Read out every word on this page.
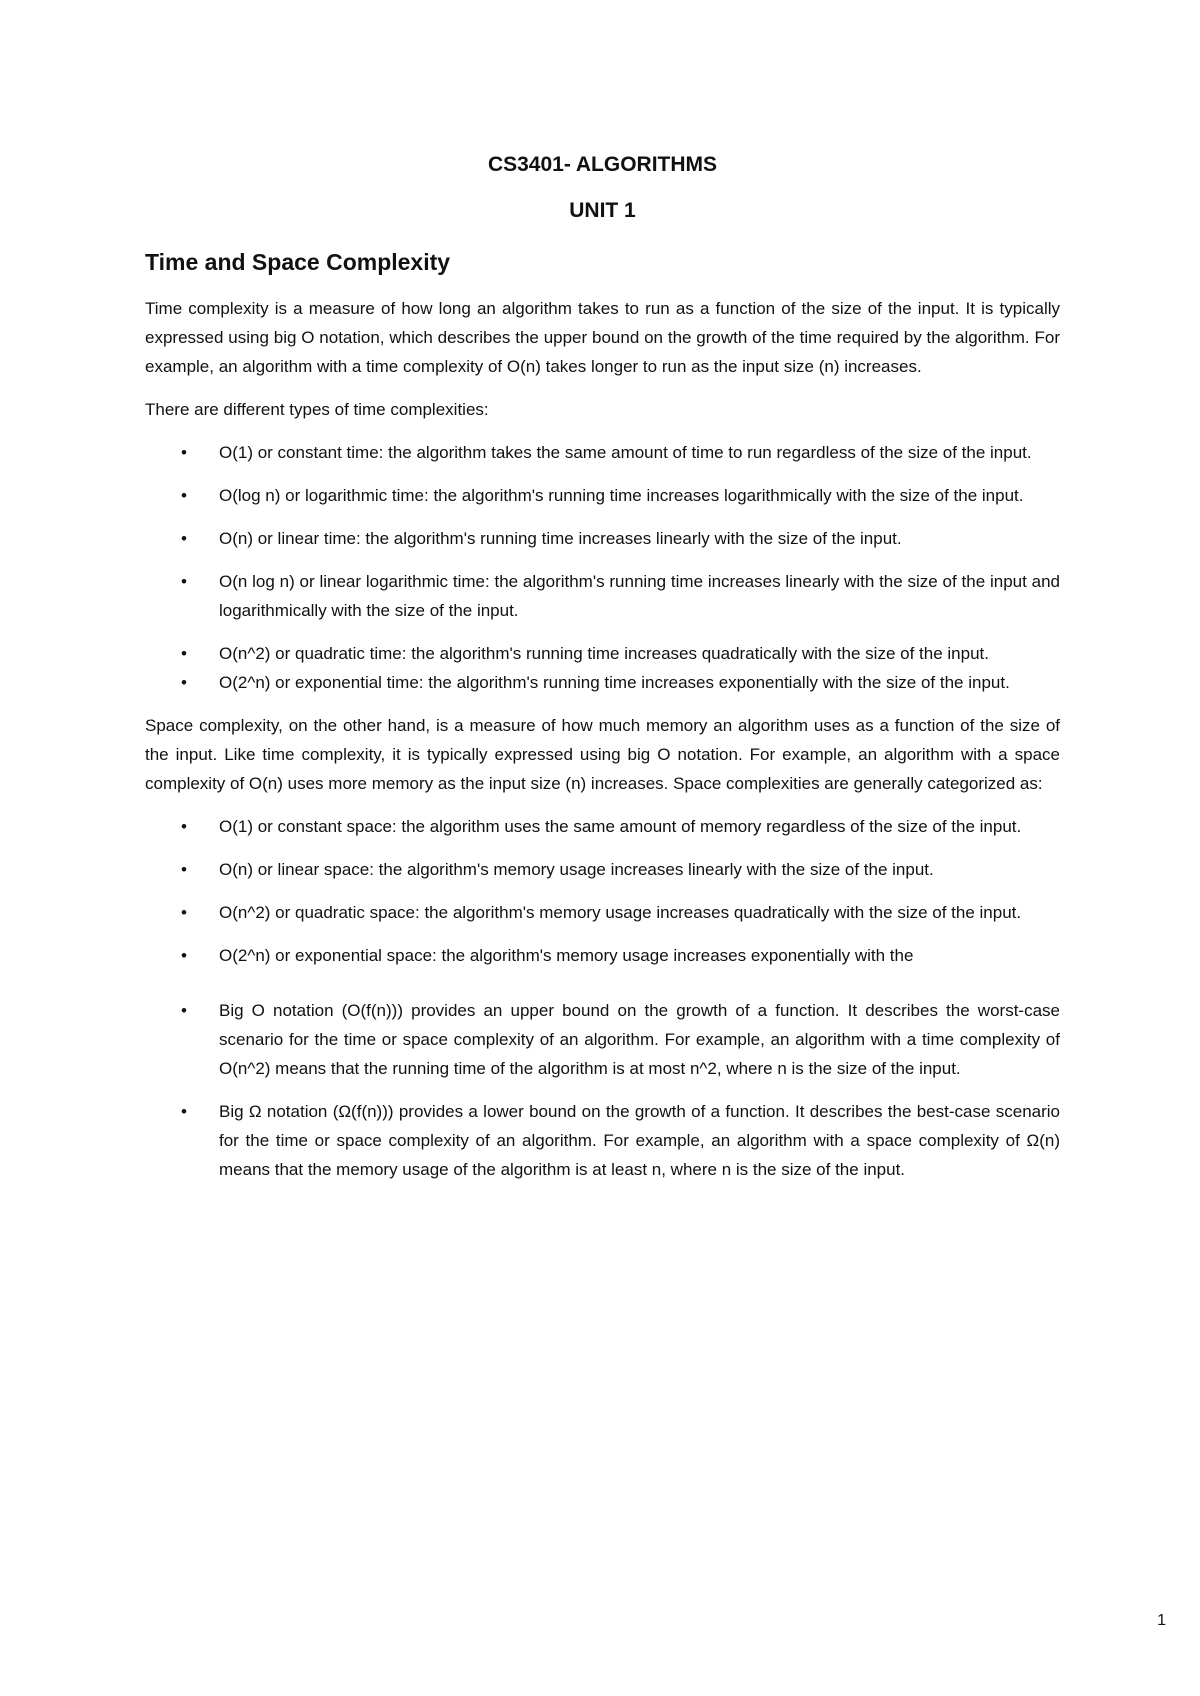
CS3401- ALGORITHMS
UNIT 1
Time and Space Complexity

Time complexity is a measure of how long an algorithm takes to run as a function of the size of the input. It is typically expressed using big O notation, which describes the upper bound on the growth of the time required by the algorithm. For example, an algorithm with a time complexity of O(n) takes longer to run as the input size (n) increases.

There are different types of time complexities:

• O(1) or constant time: the algorithm takes the same amount of time to run regardless of the size of the input.
• O(log n) or logarithmic time: the algorithm's running time increases logarithmically with the size of the input.
• O(n) or linear time: the algorithm's running time increases linearly with the size of the input.
• O(n log n) or linear logarithmic time: the algorithm's running time increases linearly with the size of the input and logarithmically with the size of the input.
• O(n^2) or quadratic time: the algorithm's running time increases quadratically with the size of the input.
• O(2^n) or exponential time: the algorithm's running time increases exponentially with the size of the input.

Space complexity, on the other hand, is a measure of how much memory an algorithm uses as a function of the size of the input. Like time complexity, it is typically expressed using big O notation. For example, an algorithm with a space complexity of O(n) uses more memory as the input size (n) increases. Space complexities are generally categorized as:

• O(1) or constant space: the algorithm uses the same amount of memory regardless of the size of the input.
• O(n) or linear space: the algorithm's memory usage increases linearly with the size of the input.
• O(n^2) or quadratic space: the algorithm's memory usage increases quadratically with the size of the input.
• O(2^n) or exponential space: the algorithm's memory usage increases exponentially with the
• Big O notation (O(f(n))) provides an upper bound on the growth of a function. It describes the worst-case scenario for the time or space complexity of an algorithm. For example, an algorithm with a time complexity of O(n^2) means that the running time of the algorithm is at most n^2, where n is the size of the input.
• Big Ω notation (Ω(f(n))) provides a lower bound on the growth of a function. It describes the best-case scenario for the time or space complexity of an algorithm. For example, an algorithm with a space complexity of Ω(n) means that the memory usage of the algorithm is at least n, where n is the size of the input.
1
